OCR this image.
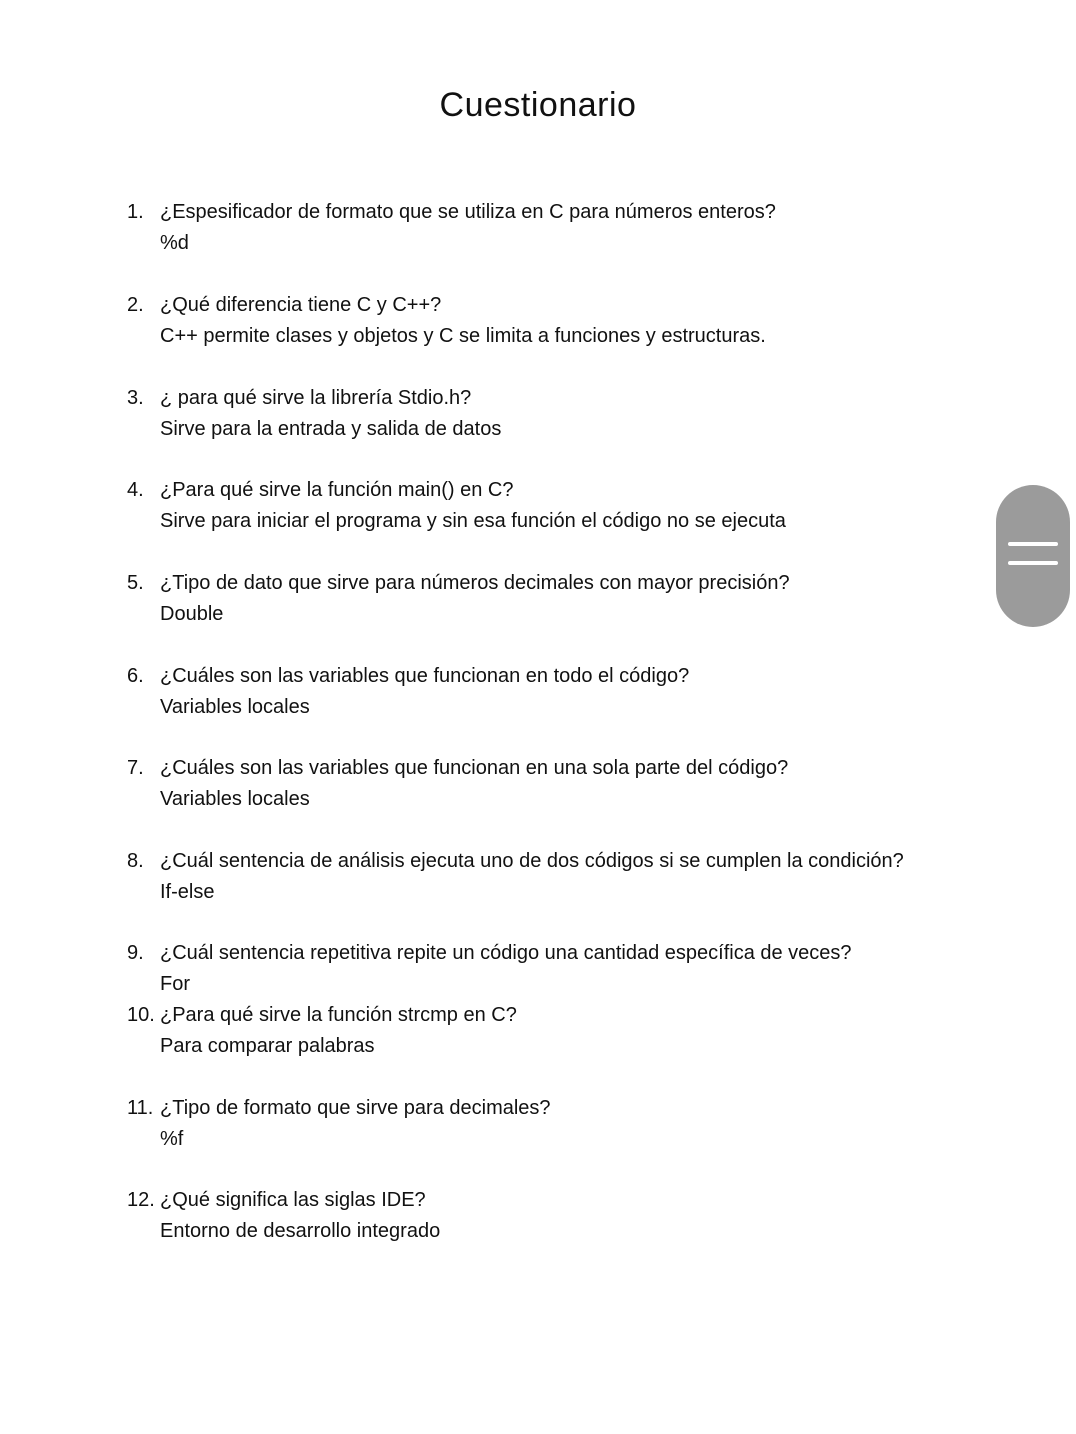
Cuestionario
1. ¿Espesificador de formato que se utiliza en C para números enteros?
%d
2. ¿Qué diferencia tiene C y C++?
C++ permite clases y objetos y C se limita a funciones y estructuras.
3. ¿ para qué sirve la librería Stdio.h?
Sirve para la entrada y salida de datos
4. ¿Para qué sirve la función main() en C?
Sirve para iniciar el programa y sin esa función el código no se ejecuta
5. ¿Tipo de dato que sirve para números decimales con mayor precisión?
Double
6. ¿Cuáles son las variables que funcionan en todo el código?
Variables locales
7. ¿Cuáles son las variables que funcionan en una sola parte del código?
Variables locales
8. ¿Cuál sentencia de análisis ejecuta uno de dos códigos si se cumplen la condición?
If-else
9. ¿Cuál sentencia repetitiva repite un código una cantidad específica de veces?
For
10. ¿Para qué sirve la función strcmp en C?
Para comparar palabras
11. ¿Tipo de formato que sirve para decimales?
%f
12. ¿Qué significa las siglas IDE?
Entorno de desarrollo integrado
